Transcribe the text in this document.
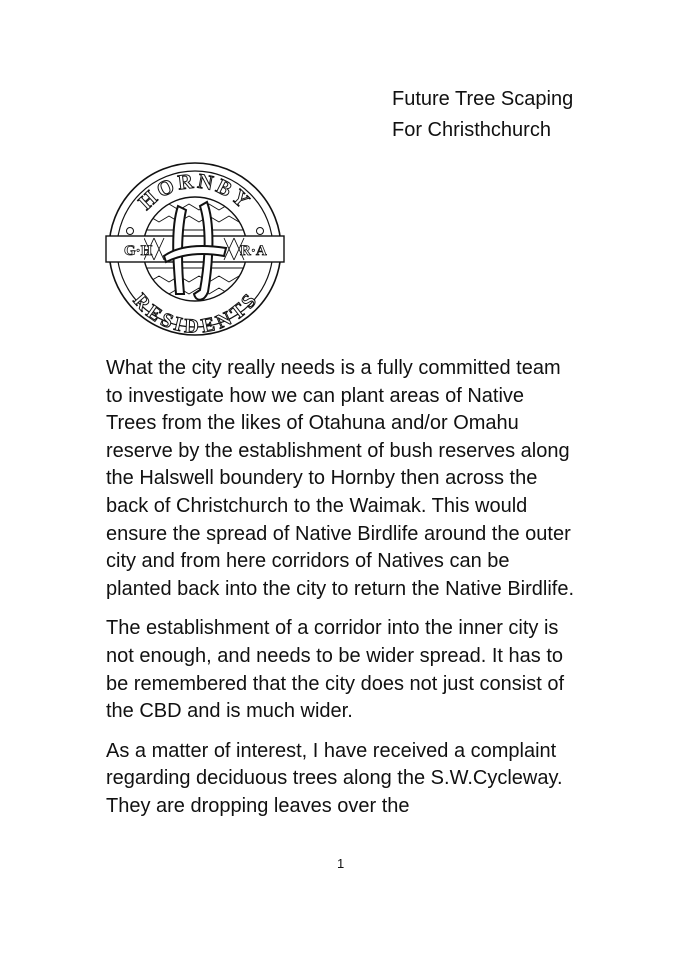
Future Tree Scaping
For Christhchurch
HORNBY
RESIDENTS
G·H	R·A

What the city really needs is a fully committed team to investigate how we can plant areas of Native Trees from the likes of Otahuna and/or Omahu reserve by the establishment of bush reserves along the Halswell boundery to Hornby then across the back of Christchurch to the Waimak. This would ensure the spread of Native Birdlife around the outer city and from here corridors of Natives can be planted back into the city to return the Native Birdlife.

The establishment of a corridor into the inner city is not enough, and needs to be wider spread. It has to be remembered that the city does not just consist of the CBD and is much wider.

As a matter of interest, I have received a complaint regarding deciduous trees along the S.W.Cycleway. They are dropping leaves over the

1
